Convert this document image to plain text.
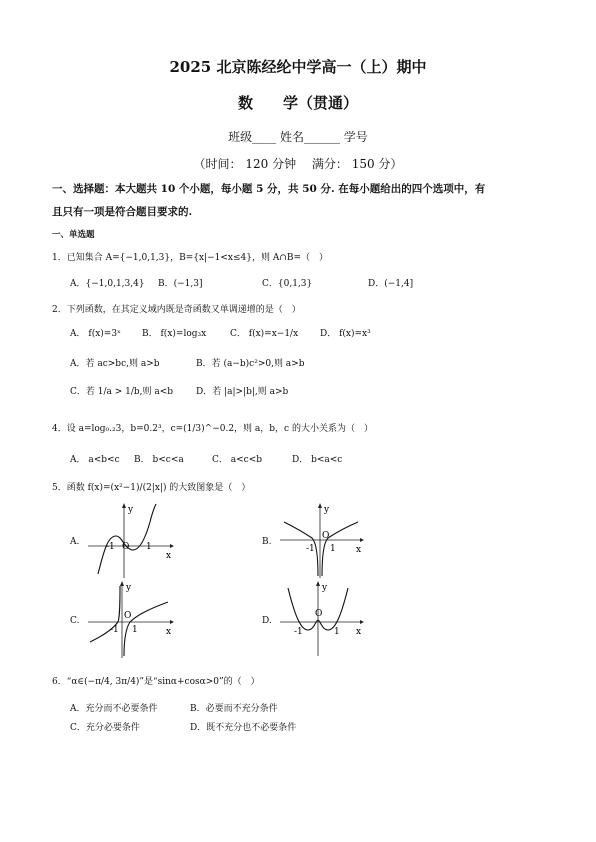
2025 北京陈经纶中学高一（上）期中
数　　学（贯通）
班级____ 姓名______ 学号
（时间： 120 分钟　 满分： 150 分）
一、选择题：本大题共 10 个小题，每小题 5 分，共 50 分. 在每小题给出的四个选项中，有
且只有一项是符合题目要求的.
一、单选题
1．已知集合 A={−1,0,1,3}，B={x|−1<x≤4}，则 A∩B=（　）
A．{−1,0,1,3,4} B．(−1,3]	C．{0,1,3}	D．(−1,4]
2．下列函数，在其定义域内既是奇函数又单调递增的是（　）
A． f(x)=3ˣ B． f(x)=log₃x	C． f(x)=x−1/x D． f(x)=x³
A．若 ac>bc,则 a>b	B．若 (a−b)c²>0,则 a>b
C．若 1/a > 1/b,则 a<b	D．若 |a|>|b|,则 a>b
4．设 a=log₀.₂3，b=0.2³，c=(1/3)^−0.2，则 a，b，c 的大小关系为（　）
A． a<b<c B． b<c<a	C． a<c<b	D． b<a<c
5．函数 f(x)=(x²−1)/(2|x|) 的大致图象是（　）
A.
y
x
O
-1	1	B.
y
x
O
-1 1
C.
y
x
O
-1 1
D.
y
x
O
-1	1
6．“α∈(−π/4, 3π/4)”是“sinα+cosα>0”的（　）
A．充分而不必要条件	B．必要而不充分条件
C．充分必要条件	D．既不充分也不必要条件
